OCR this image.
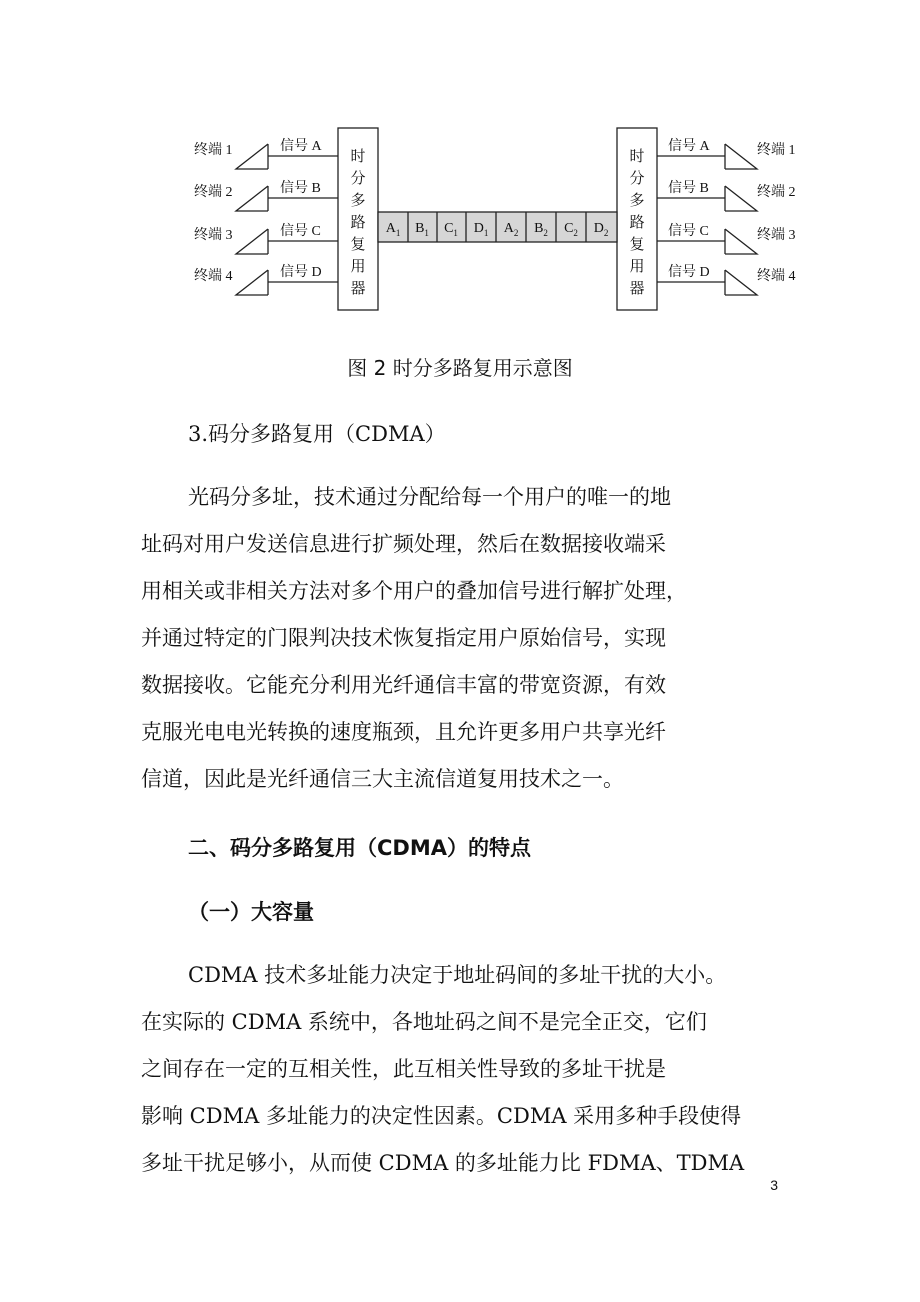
时
分
多
路
复
用
器
时
分
多
路
复
用
器
终端 1
终端 2
终端 3
终端 4
信号 A
信号 B
信号 C
信号 D
信号 A
信号 B
信号 C
信号 D
终端 1
终端 2
终端 3
终端 4
$A_1$ $B_1$ $C_1$ $D_1$ $A_2$ $B_2$ $C_2$ $D_2$
图 2 时分多路复用示意图
3.码分多路复用（CDMA）
光码分多址，技术通过分配给每一个用户的唯一的地
址码对用户发送信息进行扩频处理，然后在数据接收端采
用相关或非相关方法对多个用户的叠加信号进行解扩处理，
并通过特定的门限判决技术恢复指定用户原始信号，实现
数据接收。它能充分利用光纤通信丰富的带宽资源，有效
克服光电电光转换的速度瓶颈，且允许更多用户共享光纤
信道，因此是光纤通信三大主流信道复用技术之一。
二、码分多路复用（CDMA）的特点
（一）大容量
CDMA 技术多址能力决定于地址码间的多址干扰的大小。
在实际的 CDMA 系统中，各地址码之间不是完全正交，它们
之间存在一定的互相关性，此互相关性导致的多址干扰是
影响 CDMA 多址能力的决定性因素。CDMA 采用多种手段使得
多址干扰足够小，从而使 CDMA 的多址能力比 FDMA、TDMA
3
